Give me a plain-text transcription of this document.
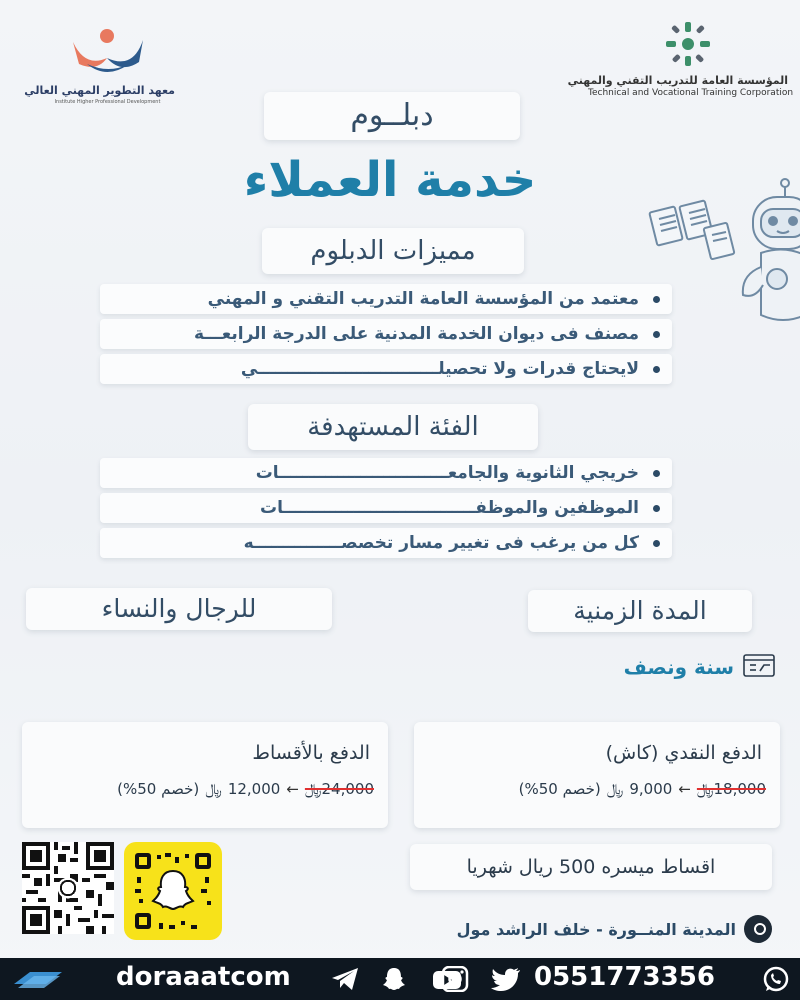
معهد التطوير المهني العالي
Institute Higher Professional Development
المؤسسة العامة للتدريب التقني والمهني
Technical and Vocational Training Corporation
دبلــوم
خدمة العملاء
مميزات الدبلوم
معتمد من المؤسسة العامة التدريب التقني و المهني
مصنف فى ديوان الخدمة المدنية على الدرجة الرابعـــة
لايحتاج قدرات ولا تحصيلـــــــــــــــــــــــــــــــي
الفئة المستهدفة
خريجي الثانوية والجامعـــــــــــــــــــــــــــــات
الموظفين والموظفـــــــــــــــــــــــــــــــــات
كل من يرغب فى تغيير مسار تخصصـــــــــــــــه
المدة الزمنية
للرجال والنساء
سنة ونصف
الدفع النقدي (كاش)
18,000﷼
←
9,000
﷼
(خصم 50%)
الدفع بالأقساط
24,000﷼
←
12,000
﷼
(خصم 50%)
اقساط ميسره 500 ريال شهريا
المدينة المنــورة - خلف الراشد مول
doraaatcom	0551773356
